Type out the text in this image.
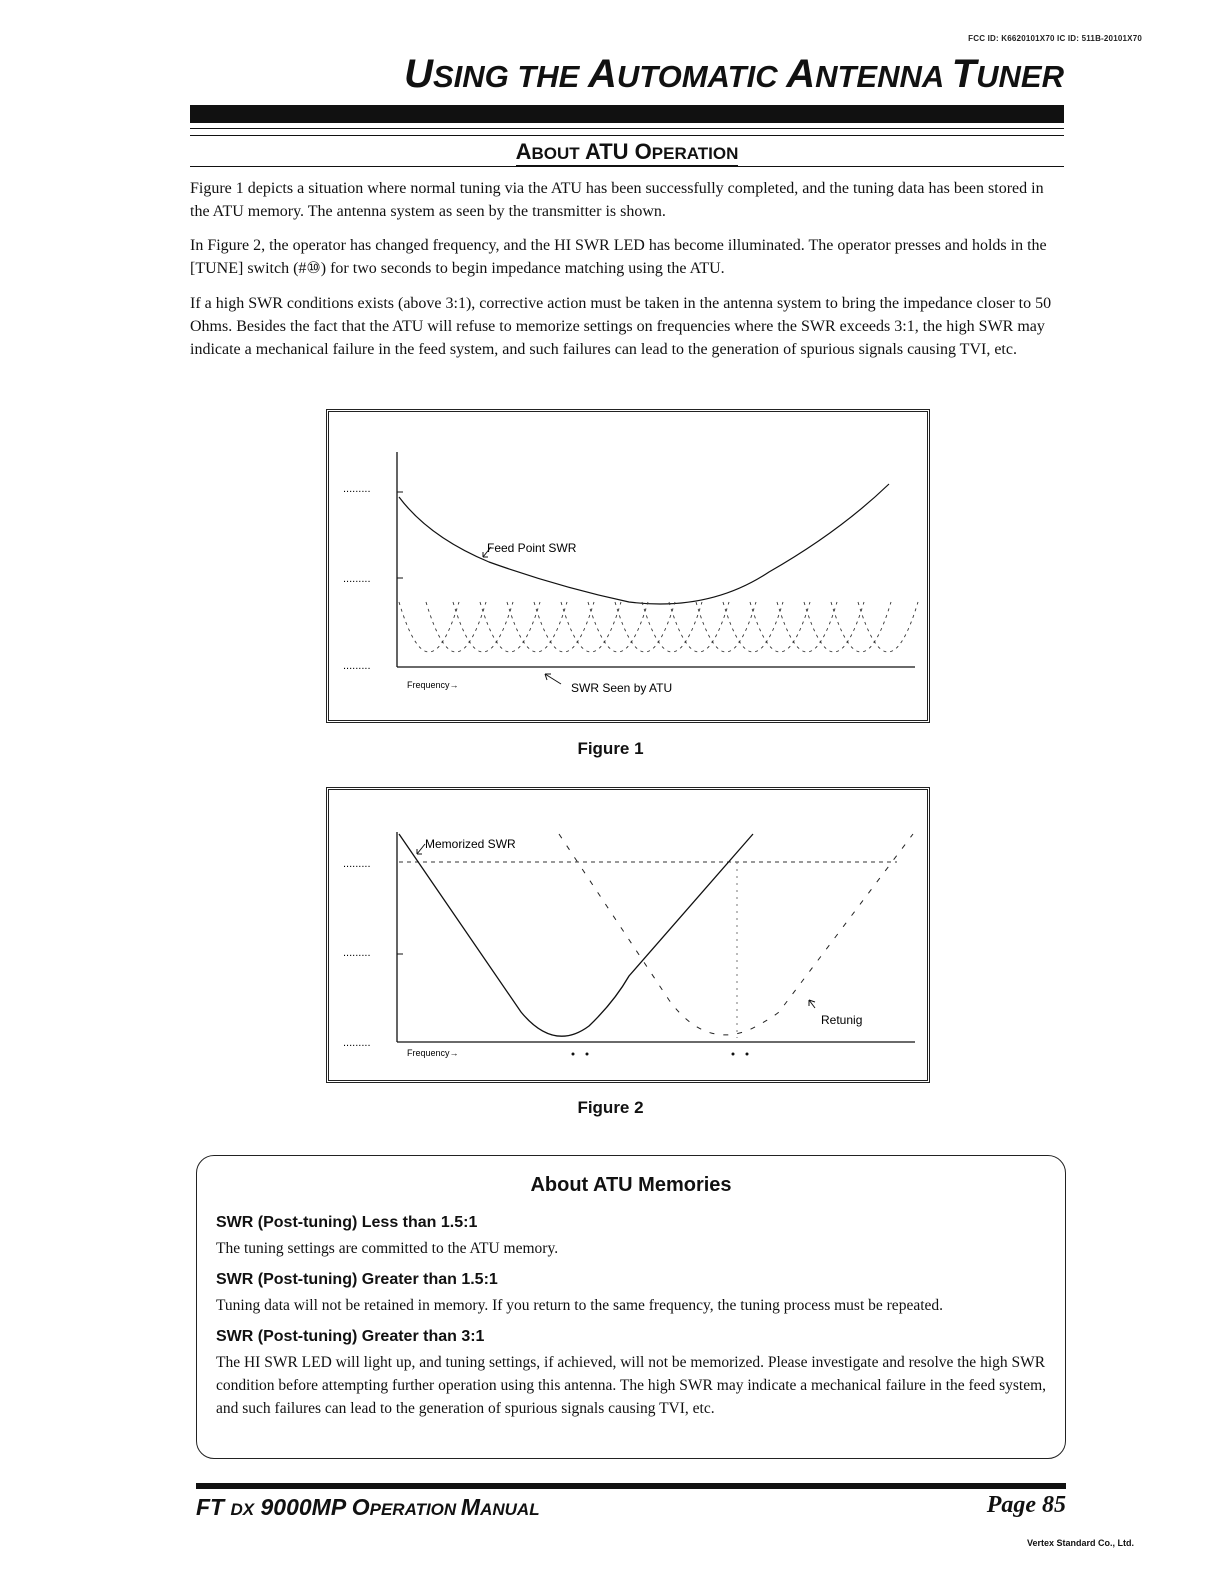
FCC ID: K6620101X70 IC ID: 511B-20101X70
USING THE AUTOMATIC ANTENNA TUNER
ABOUT ATU OPERATION

Figure 1 depicts a situation where normal tuning via the ATU has been successfully completed, and the tuning data has been stored in the ATU memory. The antenna system as seen by the transmitter is shown.

In Figure 2, the operator has changed frequency, and the HI SWR LED has become illuminated. The operator presses and holds in the [TUNE] switch (#⑩) for two seconds to begin impedance matching using the ATU.

If a high SWR conditions exists (above 3:1), corrective action must be taken in the antenna system to bring the impedance closer to 50 Ohms. Besides the fact that the ATU will refuse to memorize settings on frequencies where the SWR exceeds 3:1, the high SWR may indicate a mechanical failure in the feed system, and such failures can lead to the generation of spurious signals causing TVI, etc.

.........
.........
.........
Feed Point SWR
Frequency→	SWR Seen by ATU
Figure 1
.........
.........
.........
Memorized SWR
Retunig
Frequency→
Figure 2
About ATU Memories
SWR (Post-tuning) Less than 1.5:1

The tuning settings are committed to the ATU memory.

SWR (Post-tuning) Greater than 1.5:1

Tuning data will not be retained in memory. If you return to the same frequency, the tuning process must be repeated.

SWR (Post-tuning) Greater than 3:1

The HI SWR LED will light up, and tuning settings, if achieved, will not be memorized. Please investigate and resolve the high SWR condition before attempting further operation using this antenna. The high SWR may indicate a mechanical failure in the feed system, and such failures can lead to the generation of spurious signals causing TVI, etc.

FT DX 9000MP OPERATION MANUAL	Page 85
Vertex Standard Co., Ltd.
